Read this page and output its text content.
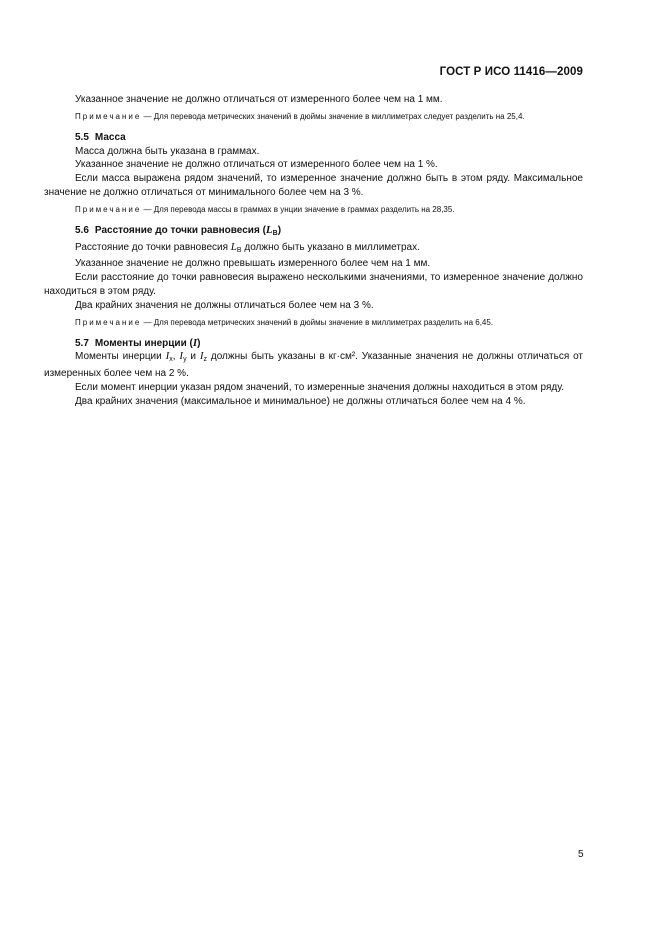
ГОСТ Р ИСО 11416—2009

Указанное значение не должно отличаться от измеренного более чем на 1 мм.

Примечание — Для перевода метрических значений в дюймы значение в миллиметрах следует разделить на 25,4.

5.5 Масса

Масса должна быть указана в граммах.

Указанное значение не должно отличаться от измеренного более чем на 1 %.

Если масса выражена рядом значений, то измеренное значение должно быть в этом ряду. Максимальное значение не должно отличаться от минимального более чем на 3 %.

Примечание — Для перевода массы в граммах в унции значение в граммах разделить на 28,35.

5.6 Расстояние до точки равновесия $(L_B)$

Расстояние до точки равновесия $L_B$ должно быть указано в миллиметрах.

Указанное значение не должно превышать измеренного более чем на 1 мм.

Если расстояние до точки равновесия выражено несколькими значениями, то измеренное значение должно находиться в этом ряду.

Два крайних значения не должны отличаться более чем на 3 %.

Примечание — Для перевода метрических значений в дюймы значение в миллиметрах разделить на 6,45.

5.7 Моменты инерции (I)

Моменты инерции $I_x$, $I_y$ и $I_z$ должны быть указаны в кг·см². Указанные значения не должны отличаться от измеренных более чем на 2 %.

Если момент инерции указан рядом значений, то измеренные значения должны находиться в этом ряду.

Два крайних значения (максимальное и минимальное) не должны отличаться более чем на 4 %.

5
